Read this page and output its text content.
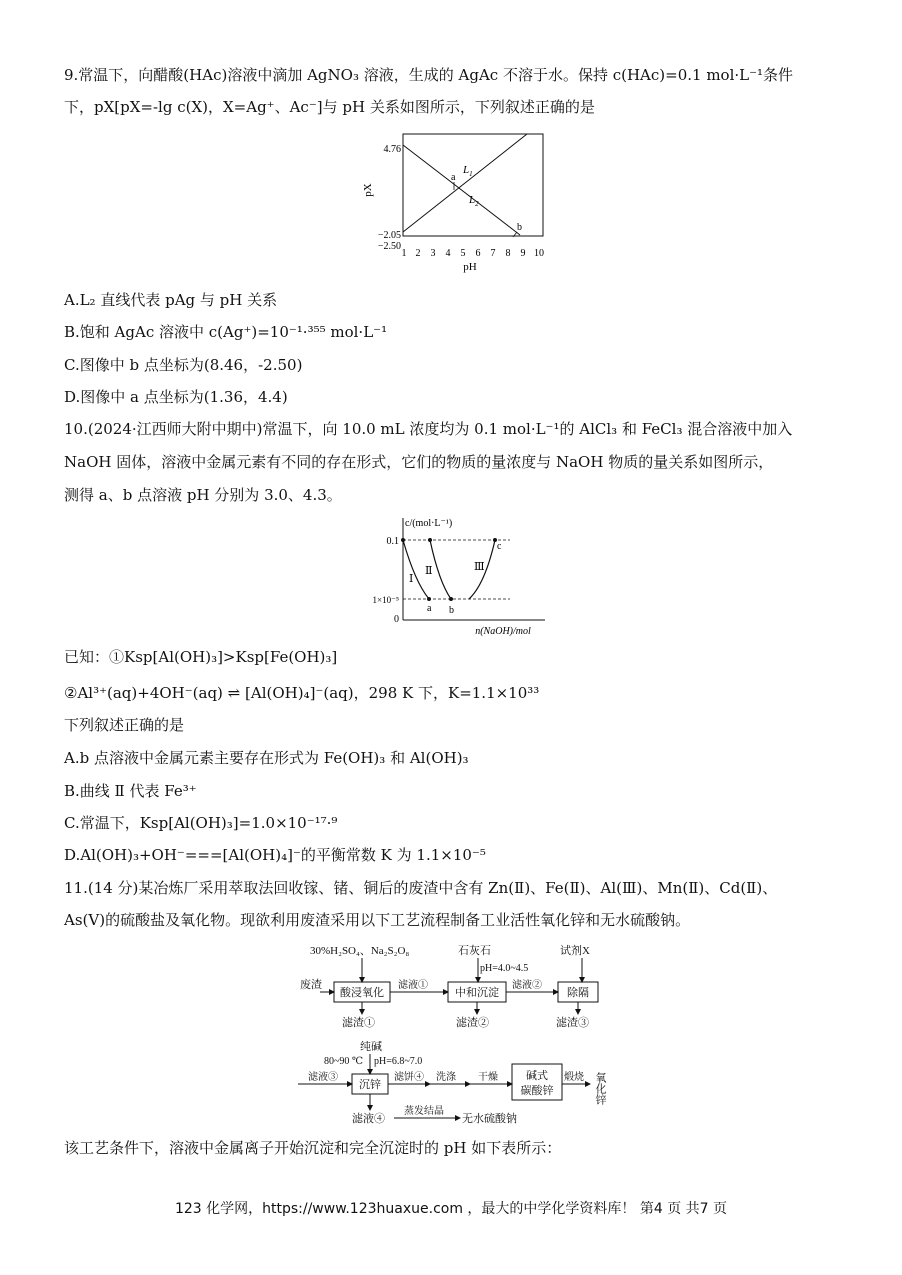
9.常温下，向醋酸(HAc)溶液中滴加 AgNO₃ 溶液，生成的 AgAc 不溶于水。保持 c(HAc)=0.1 mol·L⁻¹条件
下，pX[pX=-lg c(X)，X=Ag⁺、Ac⁻]与 pH 关系如图所示，下列叙述正确的是
4.76
−2.05
−2.50
pX
1 2 3 4 5 6 7 8 9 10
pH
$L_1$
$L_2$
a
b
A.L₂ 直线代表 pAg 与 pH 关系
B.饱和 AgAc 溶液中 c(Ag⁺)=10⁻¹·³⁵⁵ mol·L⁻¹
C.图像中 b 点坐标为(8.46，-2.50)
D.图像中 a 点坐标为(1.36，4.4)
10.(2024·江西师大附中期中)常温下，向 10.0 mL 浓度均为 0.1 mol·L⁻¹的 AlCl₃ 和 FeCl₃ 混合溶液中加入
NaOH 固体，溶液中金属元素有不同的存在形式，它们的物质的量浓度与 NaOH 物质的量关系如图所示，
测得 a、b 点溶液 pH 分别为 3.0、4.3。
c/(mol·L⁻¹)
0.1
1×10⁻⁵
0
Ⅰ
Ⅱ	Ⅲ
a b
c
n(NaOH)/mol
已知：①Ksp[Al(OH)₃]>Ksp[Fe(OH)₃]
②Al³⁺(aq)+4OH⁻(aq) ⇌ [Al(OH)₄]⁻(aq)，298 K 下，K=1.1×10³³
下列叙述正确的是
A.b 点溶液中金属元素主要存在形式为 Fe(OH)₃ 和 Al(OH)₃
B.曲线 Ⅱ 代表 Fe³⁺
C.常温下，Ksp[Al(OH)₃]=1.0×10⁻¹⁷·⁹
D.Al(OH)₃+OH⁻===[Al(OH)₄]⁻的平衡常数 K 为 1.1×10⁻⁵
11.(14 分)某冶炼厂采用萃取法回收镓、锗、铜后的废渣中含有 Zn(Ⅱ)、Fe(Ⅱ)、Al(Ⅲ)、Mn(Ⅱ)、Cd(Ⅱ)、
As(Ⅴ)的硫酸盐及氧化物。现欲利用废渣采用以下工艺流程制备工业活性氧化锌和无水硫酸钠。
30%H₂SO₄、Na₂S₂O₈	石灰石
pH=4.0~4.5
试剂X
废渣
酸浸氧化
滤液①
中和沉淀
滤液②
除隔
滤渣①	滤渣②	滤渣③
纯碱
80~90 ℃ pH=6.8~7.0
滤液③
沉锌
滤饼④ 洗涤 干燥	碱式
碳酸锌
煅烧 氧化锌
滤液④
蒸发结晶
无水硫酸钠
该工艺条件下，溶液中金属离子开始沉淀和完全沉淀时的 pH 如下表所示：
123 化学网，https://www.123huaxue.com ，最大的中学化学资料库！ 第4 页 共7 页
